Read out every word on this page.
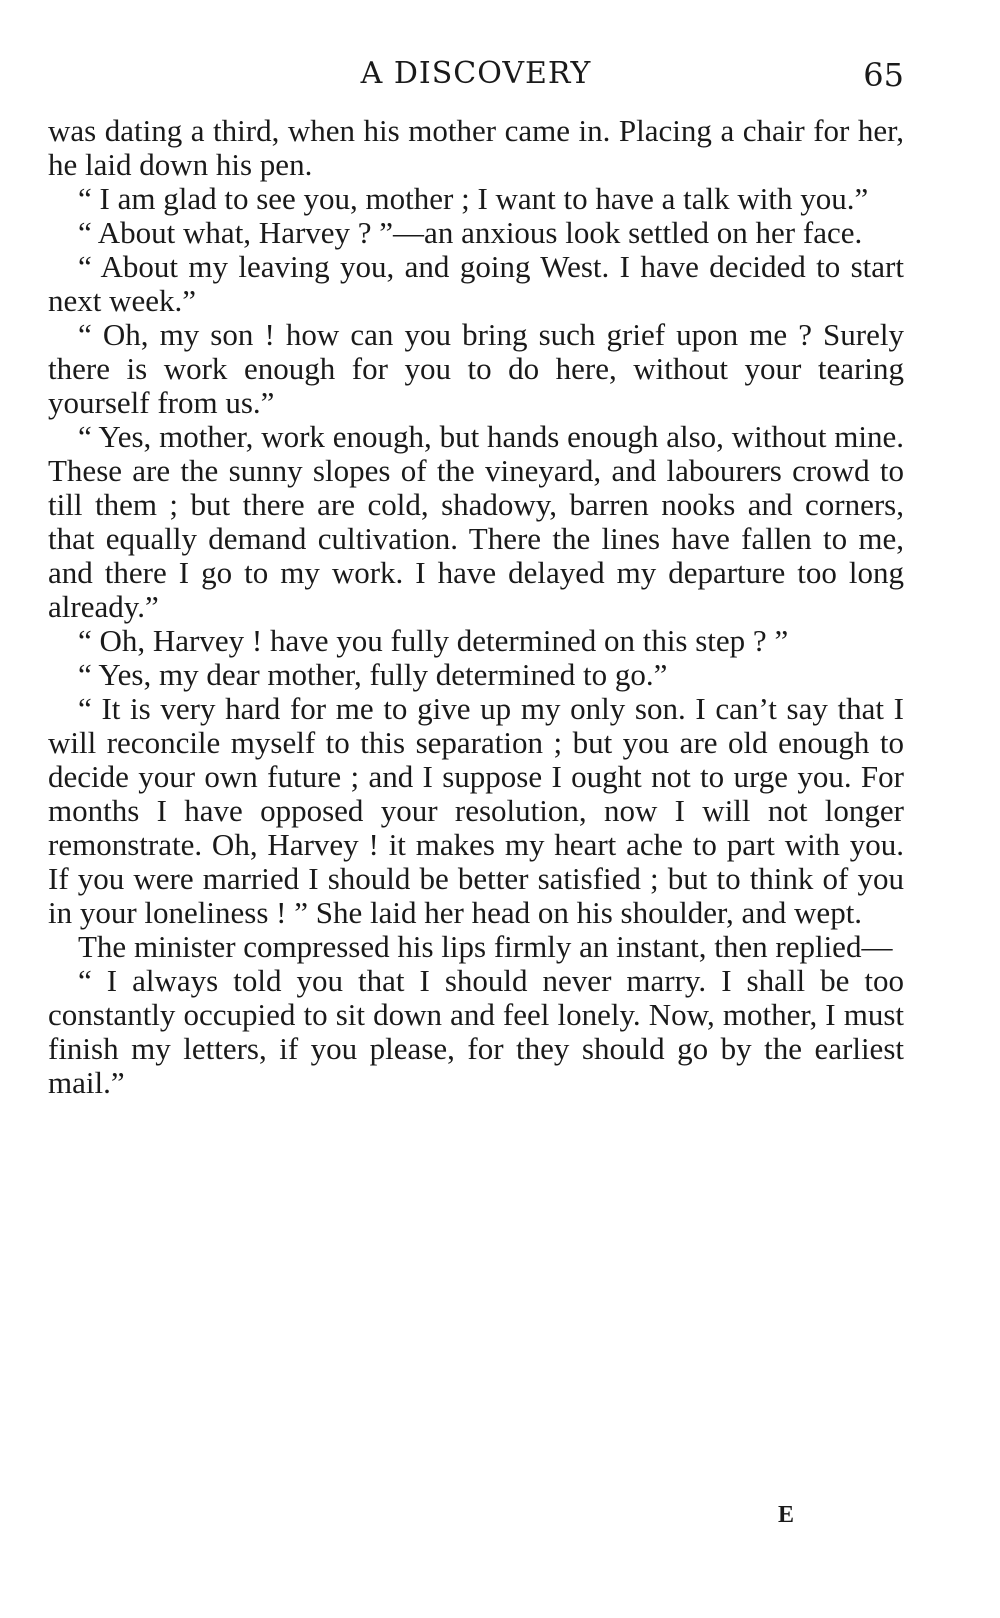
A DISCOVERY	65

was dating a third, when his mother came in. Placing a chair for her, he laid down his pen.

“ I am glad to see you, mother ; I want to have a talk with you.”

“ About what, Harvey ? ”—an anxious look settled on her face.

“ About my leaving you, and going West. I have decided to start next week.”

“ Oh, my son ! how can you bring such grief upon me ? Surely there is work enough for you to do here, without your tearing yourself from us.”

“ Yes, mother, work enough, but hands enough also, without mine. These are the sunny slopes of the vineyard, and labourers crowd to till them ; but there are cold, shadowy, barren nooks and corners, that equally demand cultivation. There the lines have fallen to me, and there I go to my work. I have delayed my departure too long already.”

“ Oh, Harvey ! have you fully determined on this step ? ”

“ Yes, my dear mother, fully determined to go.”

“ It is very hard for me to give up my only son. I can’t say that I will reconcile myself to this separation ; but you are old enough to decide your own future ; and I suppose I ought not to urge you. For months I have opposed your resolution, now I will not longer remonstrate. Oh, Harvey ! it makes my heart ache to part with you. If you were married I should be better satisfied ; but to think of you in your loneliness ! ” She laid her head on his shoulder, and wept.

The minister compressed his lips firmly an instant, then replied—

“ I always told you that I should never marry. I shall be too constantly occupied to sit down and feel lonely. Now, mother, I must finish my letters, if you please, for they should go by the earliest mail.”

E
